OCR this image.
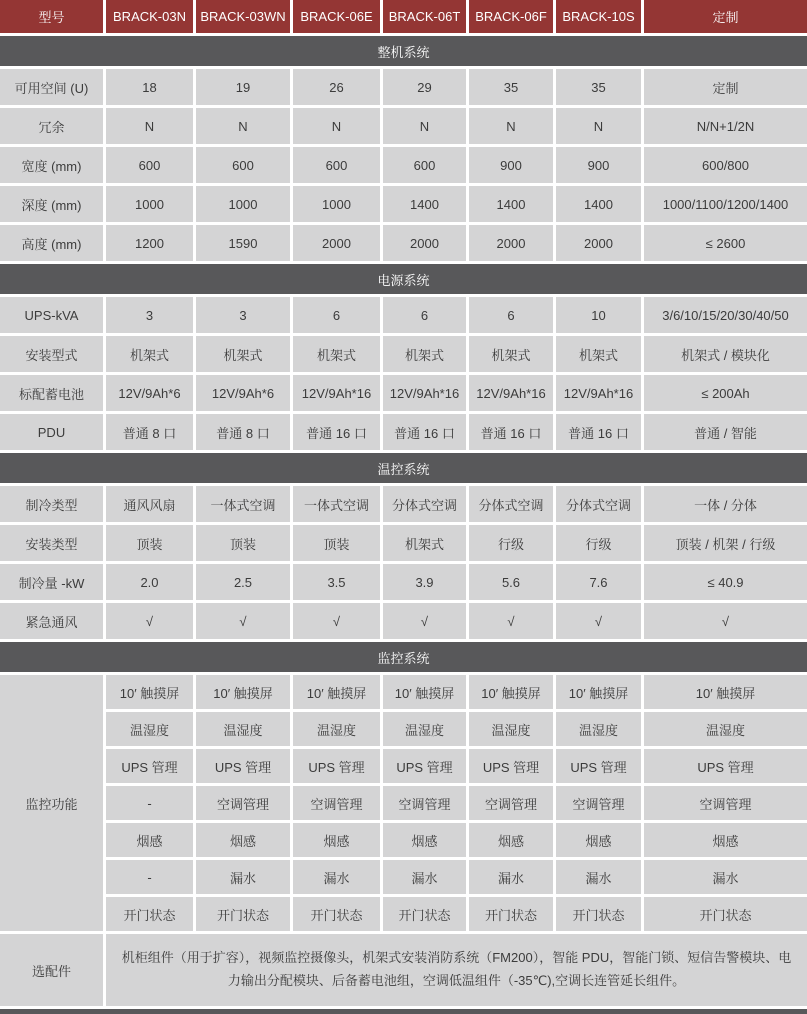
型号	BRACK-03N	BRACK-03WN	BRACK-06E	BRACK-06T	BRACK-06F	BRACK-10S	定制
整机系统
可用空间 (U)	18	19	26	29	35	35	定制
冗余	N	N	N	N	N	N	N/N+1/2N
宽度 (mm)	600	600	600	600	900	900	600/800
深度 (mm)	1000	1000	1000	1400	1400	1400	1000/1100/1200/1400
高度 (mm)	1200	1590	2000	2000	2000	2000	≤ 2600
电源系统
UPS-kVA	3	3	6	6	6	10	3/6/10/15/20/30/40/50
安装型式	机架式	机架式	机架式	机架式	机架式	机架式	机架式 / 模块化
标配蓄电池	12V/9Ah*6	12V/9Ah*6	12V/9Ah*16	12V/9Ah*16	12V/9Ah*16	12V/9Ah*16	≤ 200Ah
PDU	普通 8 口	普通 8 口	普通 16 口	普通 16 口	普通 16 口	普通 16 口	普通 / 智能
温控系统
制冷类型	通风风扇	一体式空调	一体式空调	分体式空调	分体式空调	分体式空调	一体 / 分体
安装类型	顶装	顶装	顶装	机架式	行级	行级	顶装 / 机架 / 行级
制冷量 -kW	2.0	2.5	3.5	3.9	5.6	7.6	≤ 40.9
紧急通风	√	√	√	√	√	√	√
监控系统
监控功能
10′ 触摸屏	10′ 触摸屏	10′ 触摸屏	10′ 触摸屏	10′ 触摸屏	10′ 触摸屏	10′ 触摸屏
温湿度	温湿度	温湿度	温湿度	温湿度	温湿度	温湿度
UPS 管理	UPS 管理	UPS 管理	UPS 管理	UPS 管理	UPS 管理	UPS 管理
-	空调管理	空调管理	空调管理	空调管理	空调管理	空调管理
烟感	烟感	烟感	烟感	烟感	烟感	烟感
-	漏水	漏水	漏水	漏水	漏水	漏水
开门状态	开门状态	开门状态	开门状态	开门状态	开门状态	开门状态
选配件
机柜组件（用于扩容），视频监控摄像头，机架式安装消防系统（FM200），智能 PDU，智能门锁、短信告警模块、电力输出分配模块、后备蓄电池组，空调低温组件（-35℃),空调长连管延长组件。
